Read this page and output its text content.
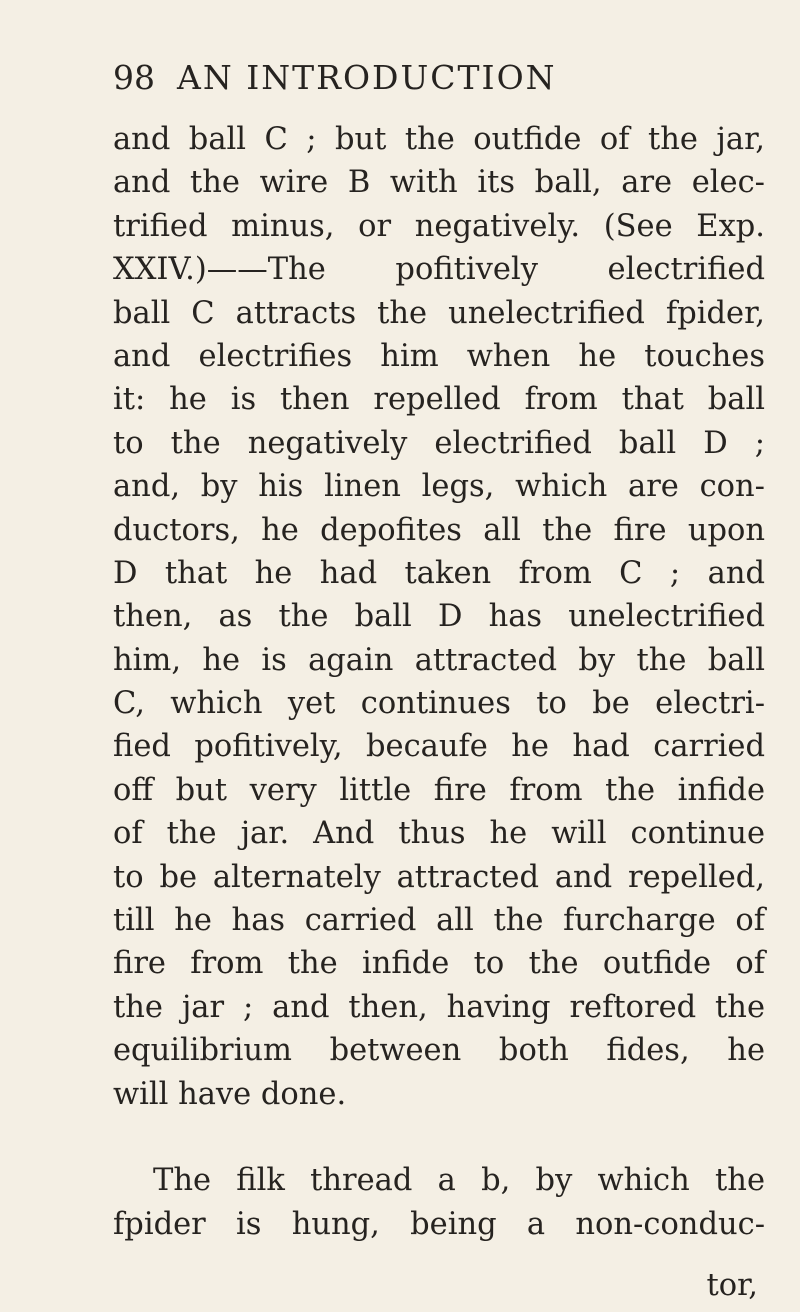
98 AN INTRODUCTION
and ball C ; but the outfide of the jar,
and the wire B with its ball, are elec-
trified minus, or negatively. (See Exp.
XXIV.)——The pofitively electrified
ball C attracts the unelectrified fpider,
and electrifies him when he touches
it: he is then repelled from that ball
to the negatively electrified ball D ;
and, by his linen legs, which are con-
ductors, he depofites all the fire upon
D that he had taken from C ; and
then, as the ball D has unelectrified
him, he is again attracted by the ball
C, which yet continues to be electri-
fied pofitively, becaufe he had carried
off but very little fire from the infide
of the jar. And thus he will continue
to be alternately attracted and repelled,
till he has carried all the furcharge of
fire from the infide to the outfide of
the jar ; and then, having reftored the
equilibrium between both fides, he
will have done.
The filk thread a b, by which the
fpider is hung, being a non-conduc-
tor,
